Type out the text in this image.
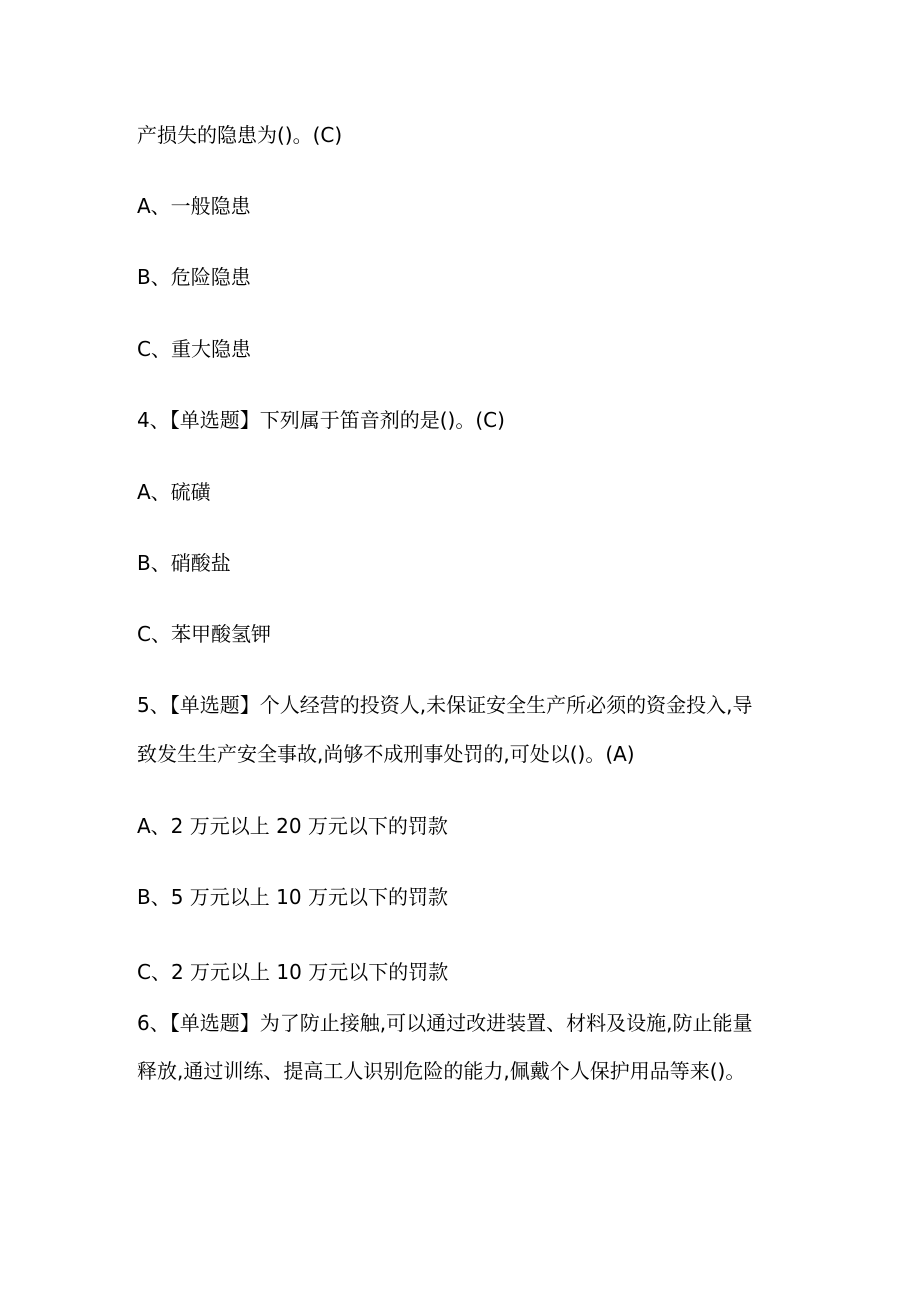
产损失的隐患为()。(C)
A、一般隐患
B、危险隐患
C、重大隐患
4、【单选题】下列属于笛音剂的是()。(C)
A、硫磺
B、硝酸盐
C、苯甲酸氢钾
5、【单选题】个人经营的投资人,未保证安全生产所必须的资金投入,导
致发生生产安全事故,尚够不成刑事处罚的,可处以()。(A)
A、2 万元以上 20 万元以下的罚款
B、5 万元以上 10 万元以下的罚款
C、2 万元以上 10 万元以下的罚款
6、【单选题】为了防止接触,可以通过改进装置、材料及设施,防止能量
释放,通过训练、提高工人识别危险的能力,佩戴个人保护用品等来()。
